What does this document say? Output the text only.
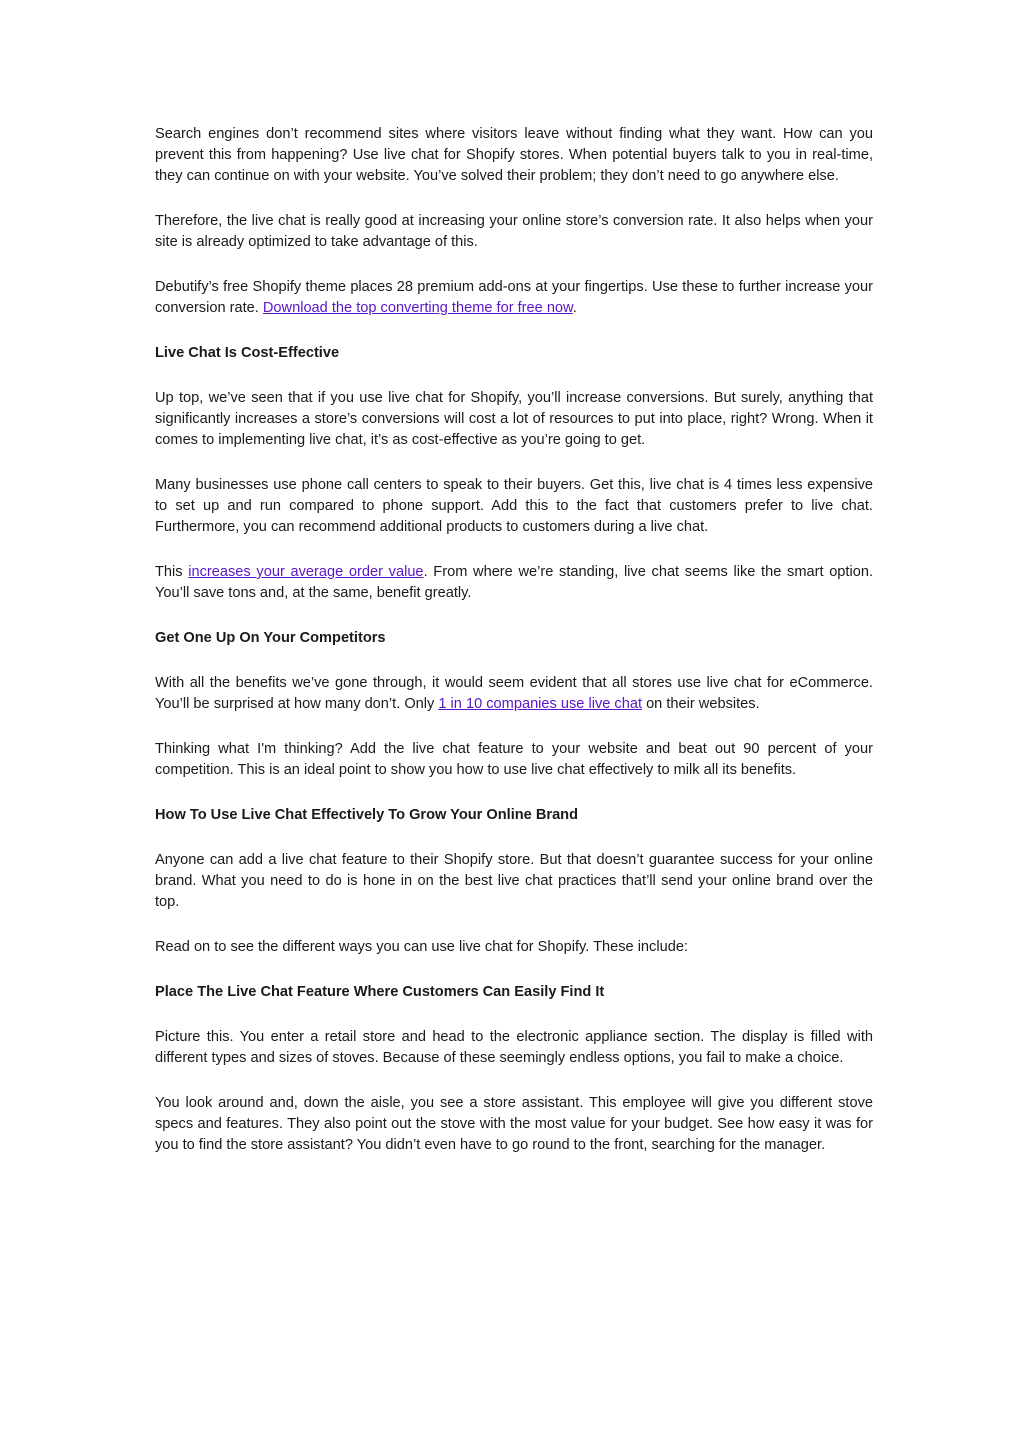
Search engines don’t recommend sites where visitors leave without finding what they want. How can you prevent this from happening? Use live chat for Shopify stores. When potential buyers talk to you in real-time, they can continue on with your website. You’ve solved their problem; they don’t need to go anywhere else.

Therefore, the live chat is really good at increasing your online store’s conversion rate. It also helps when your site is already optimized to take advantage of this.

Debutify’s free Shopify theme places 28 premium add-ons at your fingertips. Use these to further increase your conversion rate. Download the top converting theme for free now.

Live Chat Is Cost-Effective

Up top, we’ve seen that if you use live chat for Shopify, you’ll increase conversions. But surely, anything that significantly increases a store’s conversions will cost a lot of resources to put into place, right? Wrong. When it comes to implementing live chat, it’s as cost-effective as you’re going to get.

Many businesses use phone call centers to speak to their buyers. Get this, live chat is 4 times less expensive to set up and run compared to phone support. Add this to the fact that customers prefer to live chat. Furthermore, you can recommend additional products to customers during a live chat.

This increases your average order value. From where we’re standing, live chat seems like the smart option. You’ll save tons and, at the same, benefit greatly.

Get One Up On Your Competitors

With all the benefits we’ve gone through, it would seem evident that all stores use live chat for eCommerce. You’ll be surprised at how many don’t. Only 1 in 10 companies use live chat on their websites.

Thinking what I'm thinking? Add the live chat feature to your website and beat out 90 percent of your competition. This is an ideal point to show you how to use live chat effectively to milk all its benefits.

How To Use Live Chat Effectively To Grow Your Online Brand

Anyone can add a live chat feature to their Shopify store. But that doesn’t guarantee success for your online brand. What you need to do is hone in on the best live chat practices that’ll send your online brand over the top.

Read on to see the different ways you can use live chat for Shopify. These include:

Place The Live Chat Feature Where Customers Can Easily Find It

Picture this. You enter a retail store and head to the electronic appliance section. The display is filled with different types and sizes of stoves. Because of these seemingly endless options, you fail to make a choice.

You look around and, down the aisle, you see a store assistant. This employee will give you different stove specs and features. They also point out the stove with the most value for your budget. See how easy it was for you to find the store assistant? You didn’t even have to go round to the front, searching for the manager.
